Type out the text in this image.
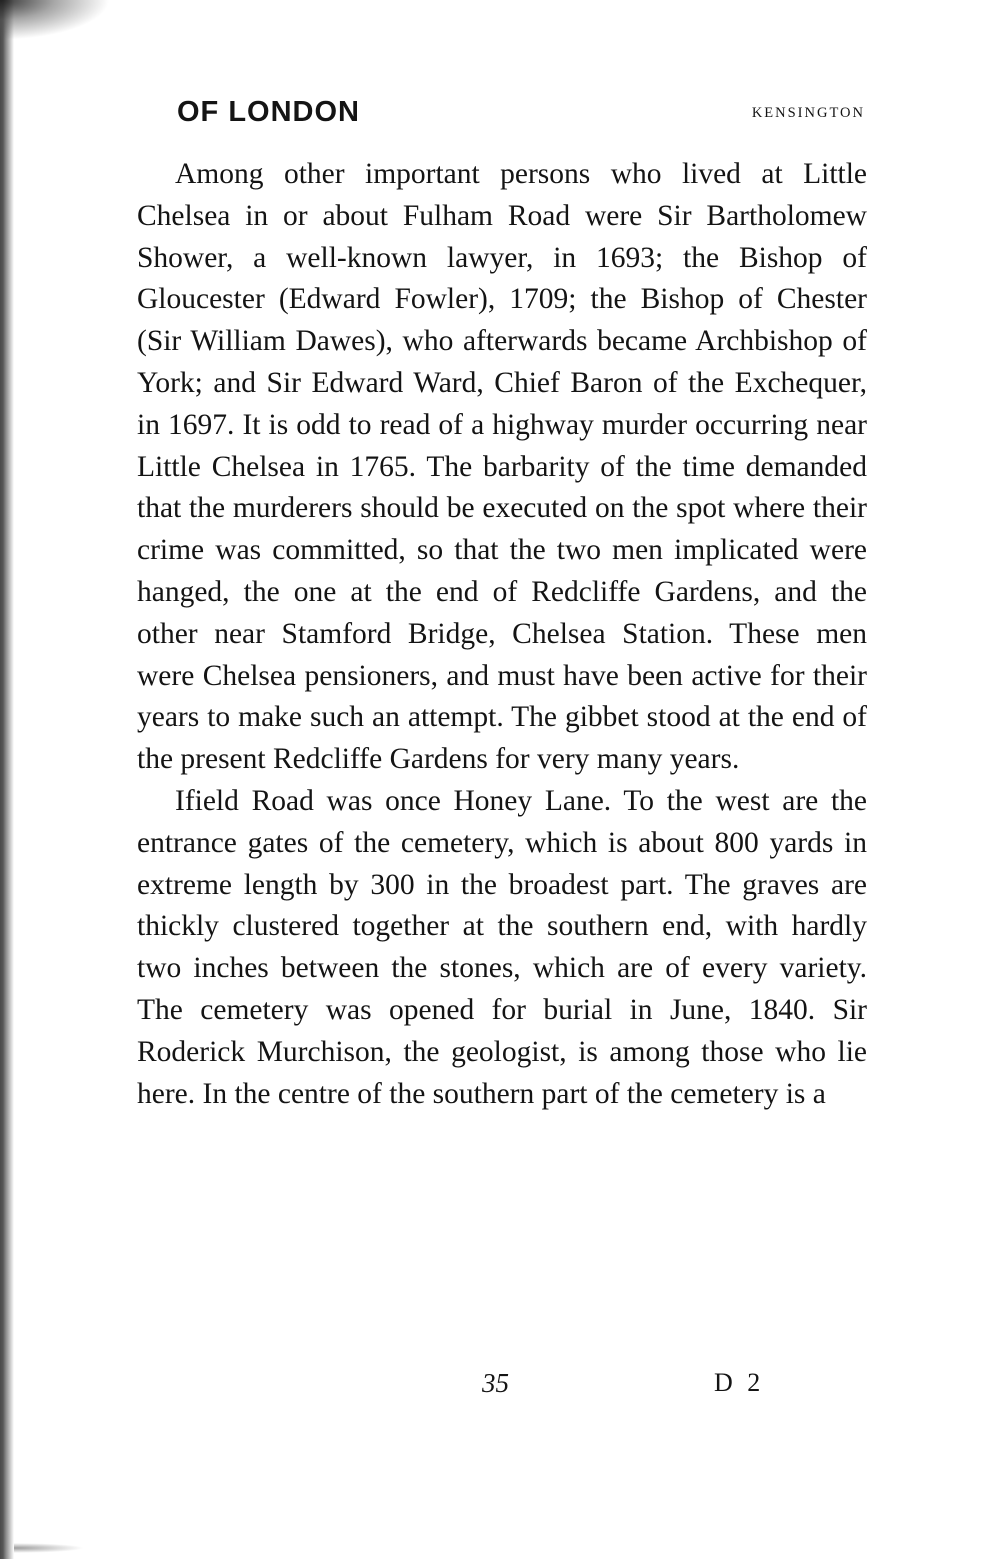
OF LONDON	KENSINGTON

Among other important persons who lived at Little Chelsea in or about Fulham Road were Sir Bartholomew Shower, a well-known lawyer, in 1693; the Bishop of Gloucester (Edward Fowler), 1709; the Bishop of Chester (Sir William Dawes), who afterwards became Archbishop of York; and Sir Edward Ward, Chief Baron of the Exchequer, in 1697. It is odd to read of a highway murder occurring near Little Chelsea in 1765. The barbarity of the time demanded that the murderers should be executed on the spot where their crime was committed, so that the two men implicated were hanged, the one at the end of Redcliffe Gardens, and the other near Stamford Bridge, Chelsea Station. These men were Chelsea pensioners, and must have been active for their years to make such an attempt. The gibbet stood at the end of the present Redcliffe Gardens for very many years.

Ifield Road was once Honey Lane. To the west are the entrance gates of the cemetery, which is about 800 yards in extreme length by 300 in the broadest part. The graves are thickly clustered together at the southern end, with hardly two inches between the stones, which are of every variety. The cemetery was opened for burial in June, 1840. Sir Roderick Murchison, the geologist, is among those who lie here. In the centre of the southern part of the cemetery is a

35	D 2
